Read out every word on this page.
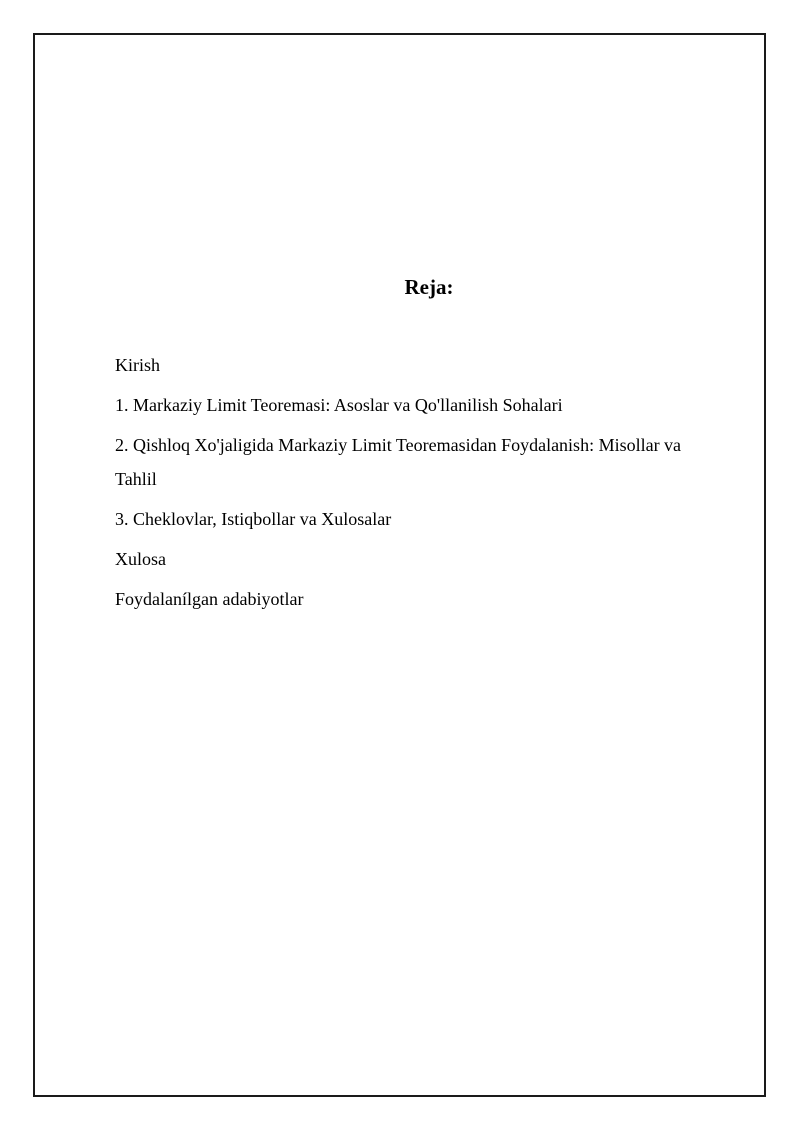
Reja:
Kirish
1. Markaziy Limit Teoremasi: Asoslar va Qo'llanilish Sohalari
2. Qishloq Xo'jaligida Markaziy Limit Teoremasidan Foydalanish: Misollar va Tahlil
3. Cheklovlar, Istiqbollar va Xulosalar
Xulosa
Foydalanílgan adabiyotlar
